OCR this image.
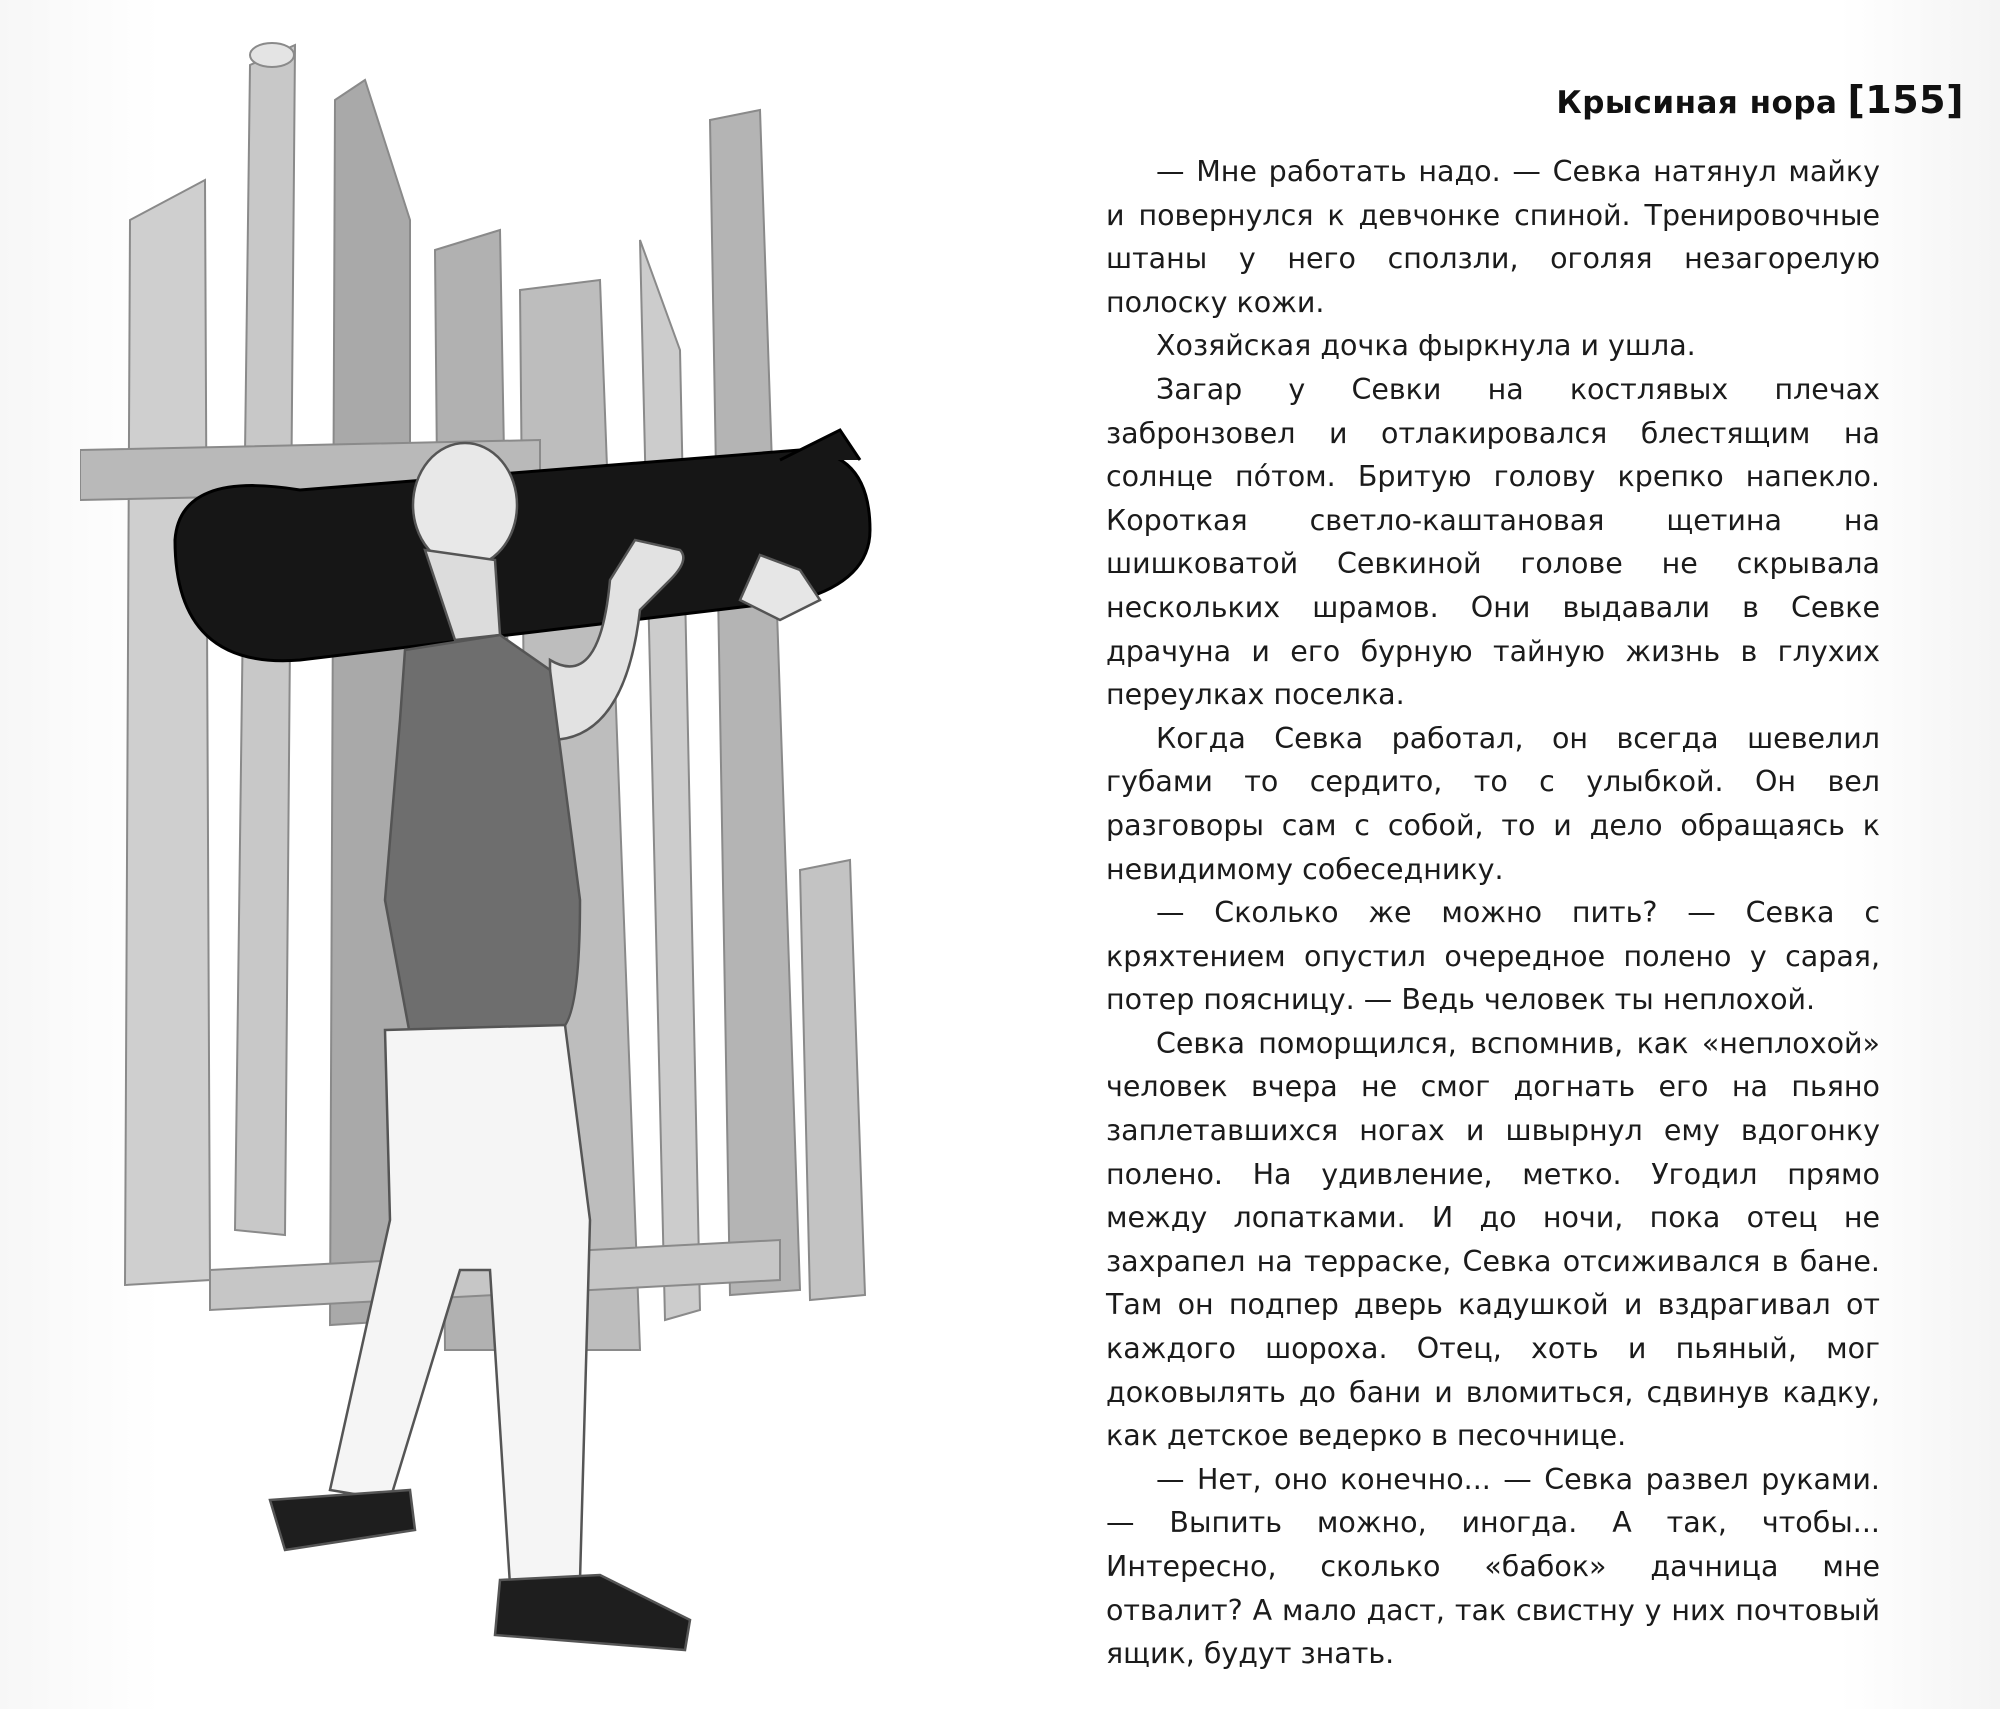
Крысиная нора [155]

— Мне работать надо. — Севка натянул майку и повернулся к девчонке спиной. Тренировочные штаны у него сползли, оголяя незагорелую полоску кожи.

Хозяйская дочка фыркнула и ушла.

Загар у Севки на костлявых плечах забронзовел и отлакировался блестящим на солнце пóтом. Бритую голову крепко напекло. Короткая светло-каштановая щетина на шишковатой Севкиной голове не скрывала нескольких шрамов. Они выдавали в Севке драчуна и его бурную тайную жизнь в глухих переулках поселка.

Когда Севка работал, он всегда шевелил губами то сердито, то с улыбкой. Он вел разговоры сам с собой, то и дело обращаясь к невидимому собеседнику.

— Сколько же можно пить? — Севка с кряхтением опустил очередное полено у сарая, потер поясницу. — Ведь человек ты неплохой.

Севка поморщился, вспомнив, как «неплохой» человек вчера не смог догнать его на пьяно заплетавшихся ногах и швырнул ему вдогонку полено. На удивление, метко. Угодил прямо между лопатками. И до ночи, пока отец не захрапел на терраске, Севка отсиживался в бане. Там он подпер дверь кадушкой и вздрагивал от каждого шороха. Отец, хоть и пьяный, мог доковылять до бани и вломиться, сдвинув кадку, как детское ведерко в песочнице.

— Нет, оно конечно... — Севка развел руками. — Выпить можно, иногда. А так, чтобы... Интересно, сколько «бабок» дачница мне отвалит? А мало даст, так свистну у них почтовый ящик, будут знать.
